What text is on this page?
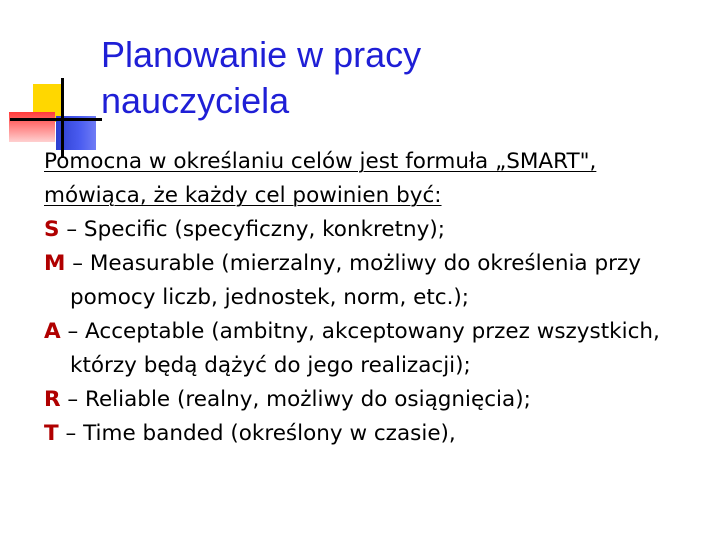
Planowanie w pracy
nauczyciela

Pomocna w określaniu celów jest formuła „SMART",
mówiąca, że każdy cel powinien być:

S – Specific (specyficzny, konkretny);
M – Measurable (mierzalny, możliwy do określenia przy pomocy liczb, jednostek, norm, etc.);
A – Acceptable (ambitny, akceptowany przez wszystkich, którzy będą dążyć do jego realizacji);
R – Reliable (realny, możliwy do osiągnięcia);
T – Time banded (określony w czasie),
